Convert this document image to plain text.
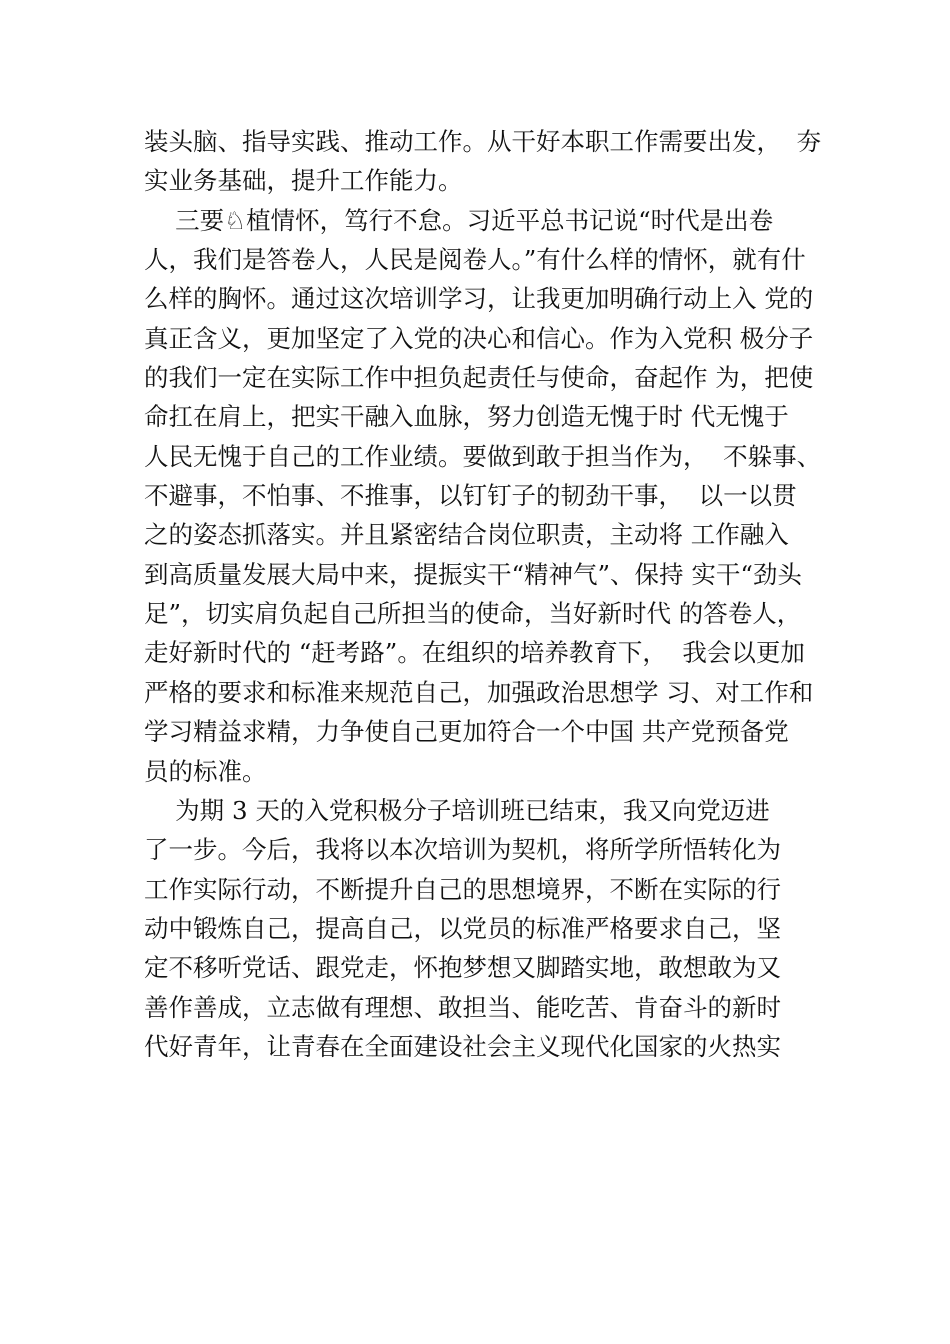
装头脑、指导实践、推动工作。从干好本职工作需要出发，  夯
实业务基础，提升工作能力。
三要♘植情怀，笃行不怠。习近平总书记说“时代是出卷
人，我们是答卷人，人民是阅卷人。”有什么样的情怀，就有什
么样的胸怀。通过这次培训学习，让我更加明确行动上入 党的
真正含义，更加坚定了入党的决心和信心。作为入党积 极分子
的我们一定在实际工作中担负起责任与使命，奋起作 为，把使
命扛在肩上，把实干融入血脉，努力创造无愧于时 代无愧于
人民无愧于自己的工作业绩。要做到敢于担当作为，  不躲事、
不避事，不怕事、不推事，以钉钉子的韧劲干事，  以一以贯
之的姿态抓落实。并且紧密结合岗位职责，主动将 工作融入
到高质量发展大局中来，提振实干“精神气”、保持 实干“劲头
足”，切实肩负起自己所担当的使命，当好新时代 的答卷人，
走好新时代的 “赶考路”。在组织的培养教育下，  我会以更加
严格的要求和标准来规范自己，加强政治思想学 习、对工作和
学习精益求精，力争使自己更加符合一个中国 共产党预备党
员的标准。
为期 3 天的入党积极分子培训班已结束，我又向党迈进
了一步。今后，我将以本次培训为契机，将所学所悟转化为
工作实际行动，不断提升自己的思想境界，不断在实际的行
动中锻炼自己，提高自己，以党员的标准严格要求自己，坚
定不移听党话、跟党走，怀抱梦想又脚踏实地，敢想敢为又
善作善成，立志做有理想、敢担当、能吃苦、肯奋斗的新时
代好青年，让青春在全面建设社会主义现代化国家的火热实
